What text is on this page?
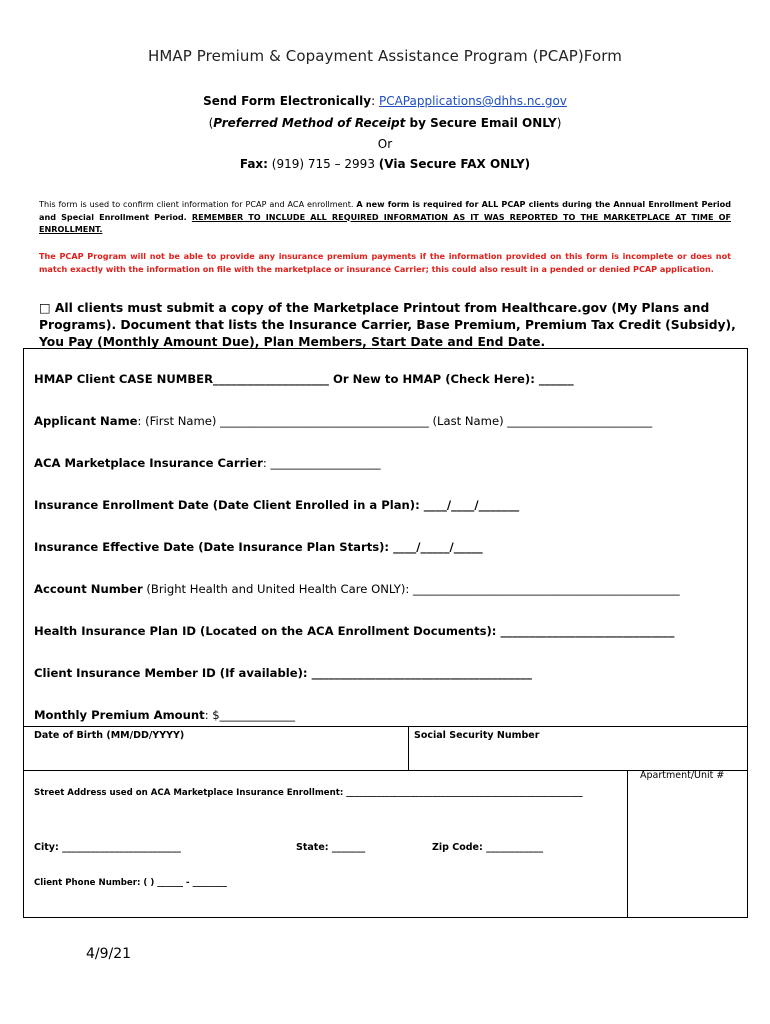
HMAP Premium & Copayment Assistance Program (PCAP)Form
Send Form Electronically: PCAPapplications@dhhs.nc.gov
(Preferred Method of Receipt by Secure Email ONLY)
Or
Fax: (919) 715 – 2993 (Via Secure FAX ONLY)
This form is used to confirm client information for PCAP and ACA enrollment. A new form is required for ALL PCAP clients during the Annual Enrollment Period and Special Enrollment Period. REMEMBER TO INCLUDE ALL REQUIRED INFORMATION AS IT WAS REPORTED TO THE MARKETPLACE AT TIME OF ENROLLMENT.
The PCAP Program will not be able to provide any insurance premium payments if the information provided on this form is incomplete or does not match exactly with the information on file with the marketplace or insurance Carrier; this could also result in a pended or denied PCAP application.
□ All clients must submit a copy of the Marketplace Printout from Healthcare.gov (My Plans and Programs). Document that lists the Insurance Carrier, Base Premium, Premium Tax Credit (Subsidy), You Pay (Monthly Amount Due), Plan Members, Start Date and End Date.
HMAP Client CASE NUMBER____________________ Or New to HMAP (Check Here): ______
Applicant Name: (First Name) ____________________________________ (Last Name) _________________________
ACA Marketplace Insurance Carrier: ___________________
Insurance Enrollment Date (Date Client Enrolled in a Plan): ____/____/_______
Insurance Effective Date (Date Insurance Plan Starts): ____/_____/_____
Account Number (Bright Health and United Health Care ONLY): ______________________________________________
Health Insurance Plan ID (Located on the ACA Enrollment Documents): ______________________________
Client Insurance Member ID (If available): ______________________________________
Monthly Premium Amount: $_____________
Date of Birth (MM/DD/YYYY)	Social Security Number
Apartment/Unit #
Street Address used on ACA Marketplace Insurance Enrollment: _______________________________________________________
City: _________________________	State: _______	Zip Code: ____________
Client Phone Number: ( ) ______ - ________
4/9/21
